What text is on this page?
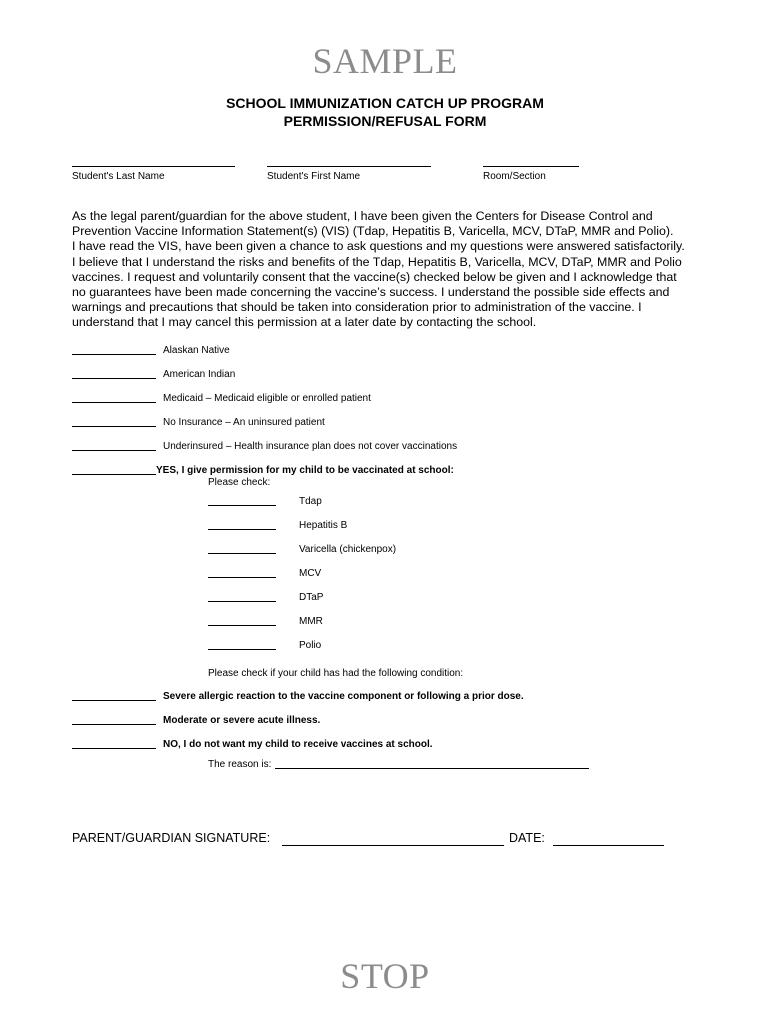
SAMPLE
SCHOOL IMMUNIZATION CATCH UP PROGRAM
PERMISSION/REFUSAL FORM
Student's Last Name	Student's First Name	Room/Section
As the legal parent/guardian for the above student, I have been given the Centers for Disease Control and
Prevention Vaccine Information Statement(s) (VIS) (Tdap, Hepatitis B, Varicella, MCV, DTaP, MMR and Polio).
I have read the VIS, have been given a chance to ask questions and my questions were answered satisfactorily.
I believe that I understand the risks and benefits of the Tdap, Hepatitis B, Varicella, MCV, DTaP, MMR and Polio
vaccines. I request and voluntarily consent that the vaccine(s) checked below be given and I acknowledge that
no guarantees have been made concerning the vaccine’s success. I understand the possible side effects and
warnings and precautions that should be taken into consideration prior to administration of the vaccine. I
understand that I may cancel this permission at a later date by contacting the school.
Alaskan Native
American Indian
Medicaid – Medicaid eligible or enrolled patient
No Insurance – An uninsured patient
Underinsured – Health insurance plan does not cover vaccinations
YES, I give permission for my child to be vaccinated at school:
Please check:
Tdap
Hepatitis B
Varicella (chickenpox)
MCV
DTaP
MMR
Polio
Please check if your child has had the following condition:
Severe allergic reaction to the vaccine component or following a prior dose.
Moderate or severe acute illness.
NO, I do not want my child to receive vaccines at school.
The reason is:
PARENT/GUARDIAN SIGNATURE:	DATE:
STOP
